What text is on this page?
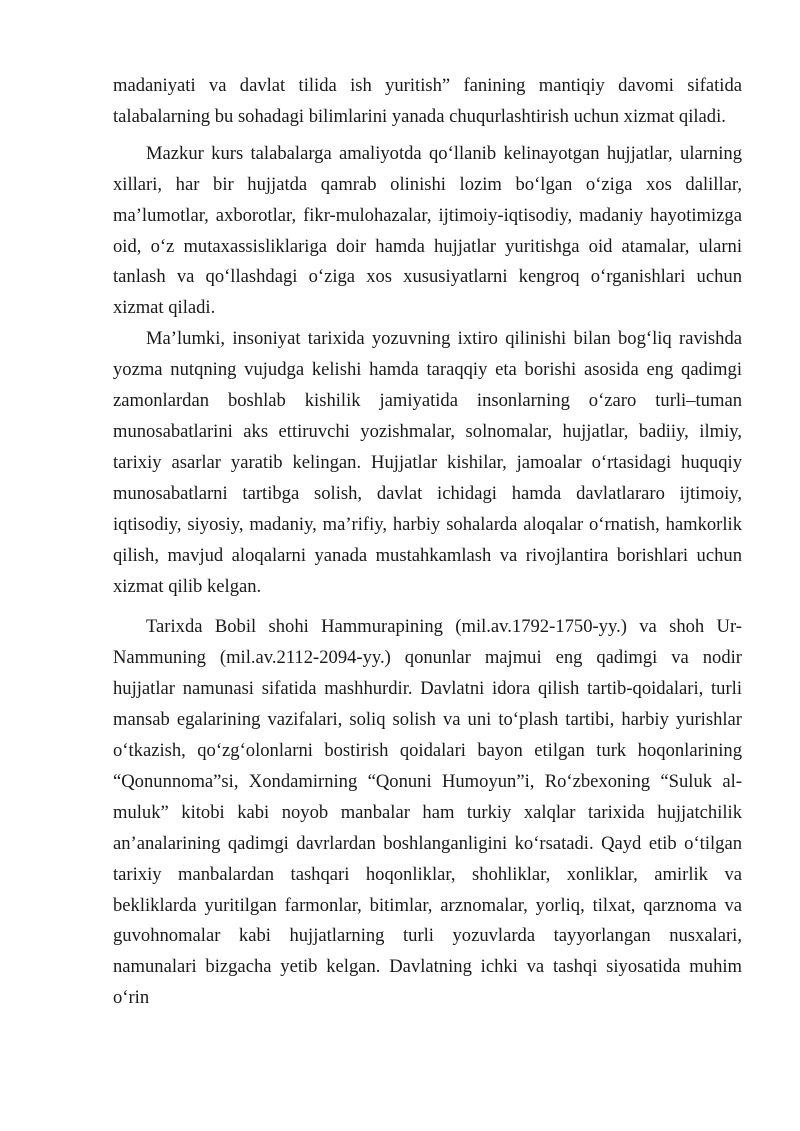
madaniyati va davlat tilida ish yuritish” fanining mantiqiy davomi sifatida talabalarning bu sohadagi bilimlarini yanada chuqurlashtirish uchun xizmat qiladi.

Mazkur kurs talabalarga amaliyotda qo‘llanib kelinayotgan hujjatlar, ularning xillari, har bir hujjatda qamrab olinishi lozim bo‘lgan o‘ziga xos dalillar, ma’lumotlar, axborotlar, fikr-mulohazalar, ijtimoiy-iqtisodiy, madaniy hayotimizga oid, o‘z mutaxassisliklariga doir hamda hujjatlar yuritishga oid atamalar, ularni tanlash va qo‘llashdagi o‘ziga xos xususiyatlarni kengroq o‘rganishlari uchun xizmat qiladi.

Ma’lumki, insoniyat tarixida yozuvning ixtiro qilinishi bilan bog‘liq ravishda yozma nutqning vujudga kelishi hamda taraqqiy eta borishi asosida eng qadimgi zamonlardan boshlab kishilik jamiyatida insonlarning o‘zaro turli–tuman munosabatlarini aks ettiruvchi yozishmalar, solnomalar, hujjatlar, badiiy, ilmiy, tarixiy asarlar yaratib kelingan. Hujjatlar kishilar, jamoalar o‘rtasidagi huquqiy munosabatlarni tartibga solish, davlat ichidagi hamda davlatlararo ijtimoiy, iqtisodiy, siyosiy, madaniy, ma’rifiy, harbiy sohalarda aloqalar o‘rnatish, hamkorlik qilish, mavjud aloqalarni yanada mustahkamlash va rivojlantira borishlari uchun xizmat qilib kelgan.

Tarixda Bobil shohi Hammurapining (mil.av.1792-1750-yy.) va shoh Ur-Nammuning (mil.av.2112-2094-yy.) qonunlar majmui eng qadimgi va nodir hujjatlar namunasi sifatida mashhurdir. Davlatni idora qilish tartib-qoidalari, turli mansab egalarining vazifalari, soliq solish va uni to‘plash tartibi, harbiy yurishlar o‘tkazish, qo‘zg‘olonlarni bostirish qoidalari bayon etilgan turk hoqonlarining “Qonunnoma”si, Xondamirning “Qonuni Humoyun”i, Ro‘zbexoning “Suluk al-muluk” kitobi kabi noyob manbalar ham turkiy xalqlar tarixida hujjatchilik an’analarining qadimgi davrlardan boshlanganligini ko‘rsatadi. Qayd etib o‘tilgan tarixiy manbalardan tashqari hoqonliklar, shohliklar, xonliklar, amirlik va bekliklarda yuritilgan farmonlar, bitimlar, arznomalar, yorliq, tilxat, qarznoma va guvohnomalar kabi hujjatlarning turli yozuvlarda tayyorlangan nusxalari, namunalari bizgacha yetib kelgan. Davlatning ichki va tashqi siyosatida muhim o‘rin
